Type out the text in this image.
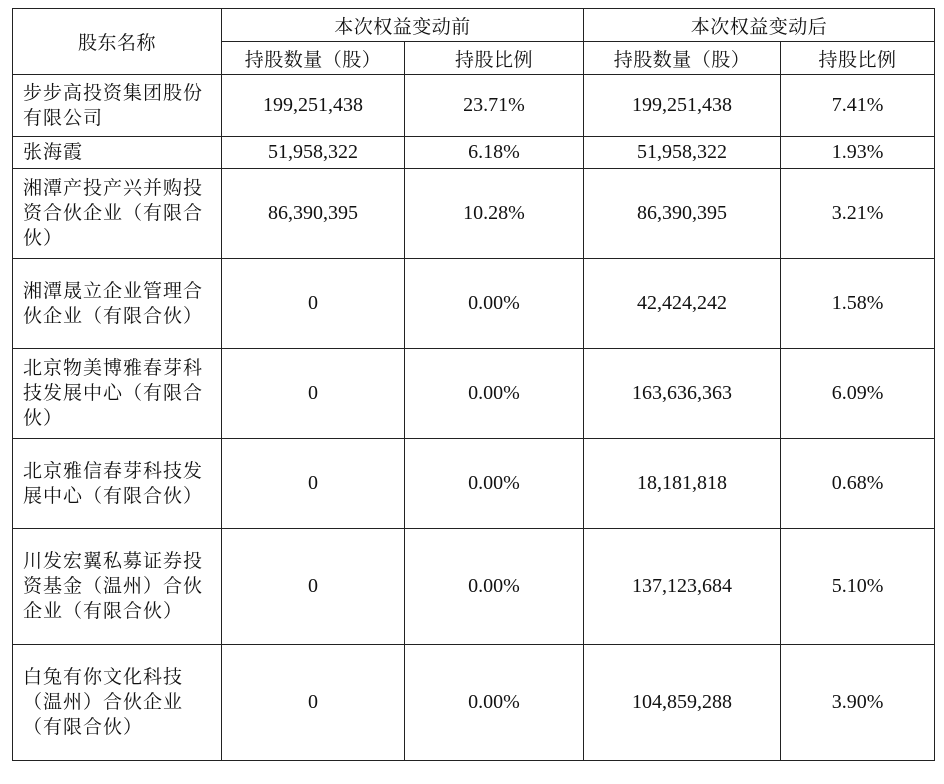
股东名称	本次权益变动前		本次权益变动后	
	持股数量（股）	持股比例	持股数量（股）	持股比例
步步高投资集团股份有限公司	199,251,438	23.71%	199,251,438	7.41%
张海霞	51,958,322	6.18%	51,958,322	1.93%
湘潭产投产兴并购投资合伙企业（有限合伙）	86,390,395	10.28%	86,390,395	3.21%
湘潭晟立企业管理合伙企业（有限合伙）	0	0.00%	42,424,242	1.58%
北京物美博雅春芽科技发展中心（有限合伙）	0	0.00%	163,636,363	6.09%
北京雅信春芽科技发展中心（有限合伙）	0	0.00%	18,181,818	0.68%
川发宏翼私募证券投资基金（温州）合伙企业（有限合伙）	0	0.00%	137,123,684	5.10%
白兔有你文化科技（温州）合伙企业（有限合伙）	0	0.00%	104,859,288	3.90%
